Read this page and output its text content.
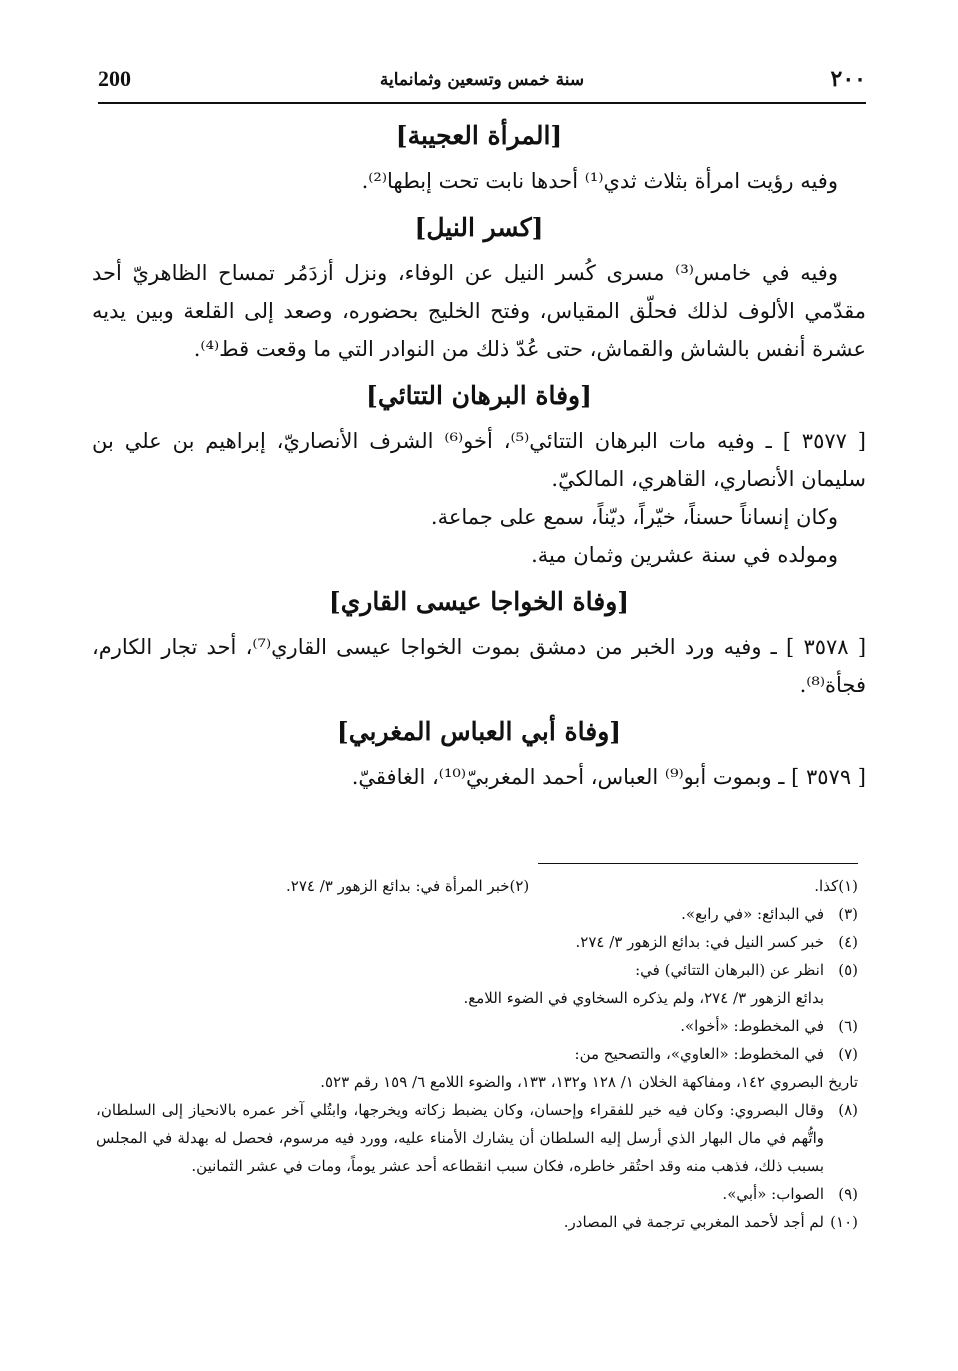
200	سنة خمس وتسعين وثمانماية	٢٠٠
[المرأة العجيبة]

وفيه رؤيت امرأة بثلاث ثدي⁽¹⁾ أحدها نابت تحت إبطها⁽²⁾.

[كسر النيل]

وفيه في خامس⁽³⁾ مسرى كُسر النيل عن الوفاء، ونزل أزدَمُر تمساح الظاهريّ أحد مقدّمي الألوف لذلك فحلّق المقياس، وفتح الخليج بحضوره، وصعد إلى القلعة وبين يديه عشرة أنفس بالشاش والقماش، حتى عُدّ ذلك من النوادر التي ما وقعت قط⁽⁴⁾.

[وفاة البرهان التتائي]

[ ٣٥٧٧ ] ـ وفيه مات البرهان التتائي⁽⁵⁾، أخو⁽⁶⁾ الشرف الأنصاريّ، إبراهيم بن علي بن سليمان الأنصاري، القاهري، المالكيّ.

وكان إنساناً حسناً، خيّراً، ديّناً، سمع على جماعة.

ومولده في سنة عشرين وثمان مية.

[وفاة الخواجا عيسى القاري]

[ ٣٥٧٨ ] ـ وفيه ورد الخبر من دمشق بموت الخواجا عيسى القاري⁽⁷⁾، أحد تجار الكارم، فجأة⁽⁸⁾.

[وفاة أبي العباس المغربي]

[ ٣٥٧٩ ] ـ وبموت أبو⁽⁹⁾ العباس، أحمد المغربيّ⁽¹⁰⁾، الغافقيّ.

(١)كذا.
(٢)خبر المرأة في: بدائع الزهور ٣/ ٢٧٤.
(٣)في البدائع: «في رابع».
(٤)خبر كسر النيل في: بدائع الزهور ٣/ ٢٧٤.
(٥)انظر عن (البرهان التتائي) في:
بدائع الزهور ٣/ ٢٧٤، ولم يذكره السخاوي في الضوء اللامع.
(٦)في المخطوط: «أخوا».
(٧)في المخطوط: «العاوي»، والتصحيح من:
تاريخ البصروي ١٤٢، ومفاكهة الخلان ١/ ١٢٨ و١٣٢، ١٣٣، والضوء اللامع ٦/ ١٥٩ رقم ٥٢٣.
(٨)
وقال البصروي: وكان فيه خير للفقراء وإحسان، وكان يضبط زكاته ويخرجها، وابتُلي آخر عمره بالانحياز إلى السلطان، واتُّهم في مال البهار الذي أرسل إليه السلطان أن يشارك الأمناء عليه، وورد فيه مرسوم، فحصل له بهدلة في المجلس بسبب ذلك، فذهب منه وقد احتُقر خاطره، فكان سبب انقطاعه أحد عشر يوماً، ومات في عشر الثمانين.
(٩)الصواب: «أبي».
(١٠)لم أجد لأحمد المغربي ترجمة في المصادر.
